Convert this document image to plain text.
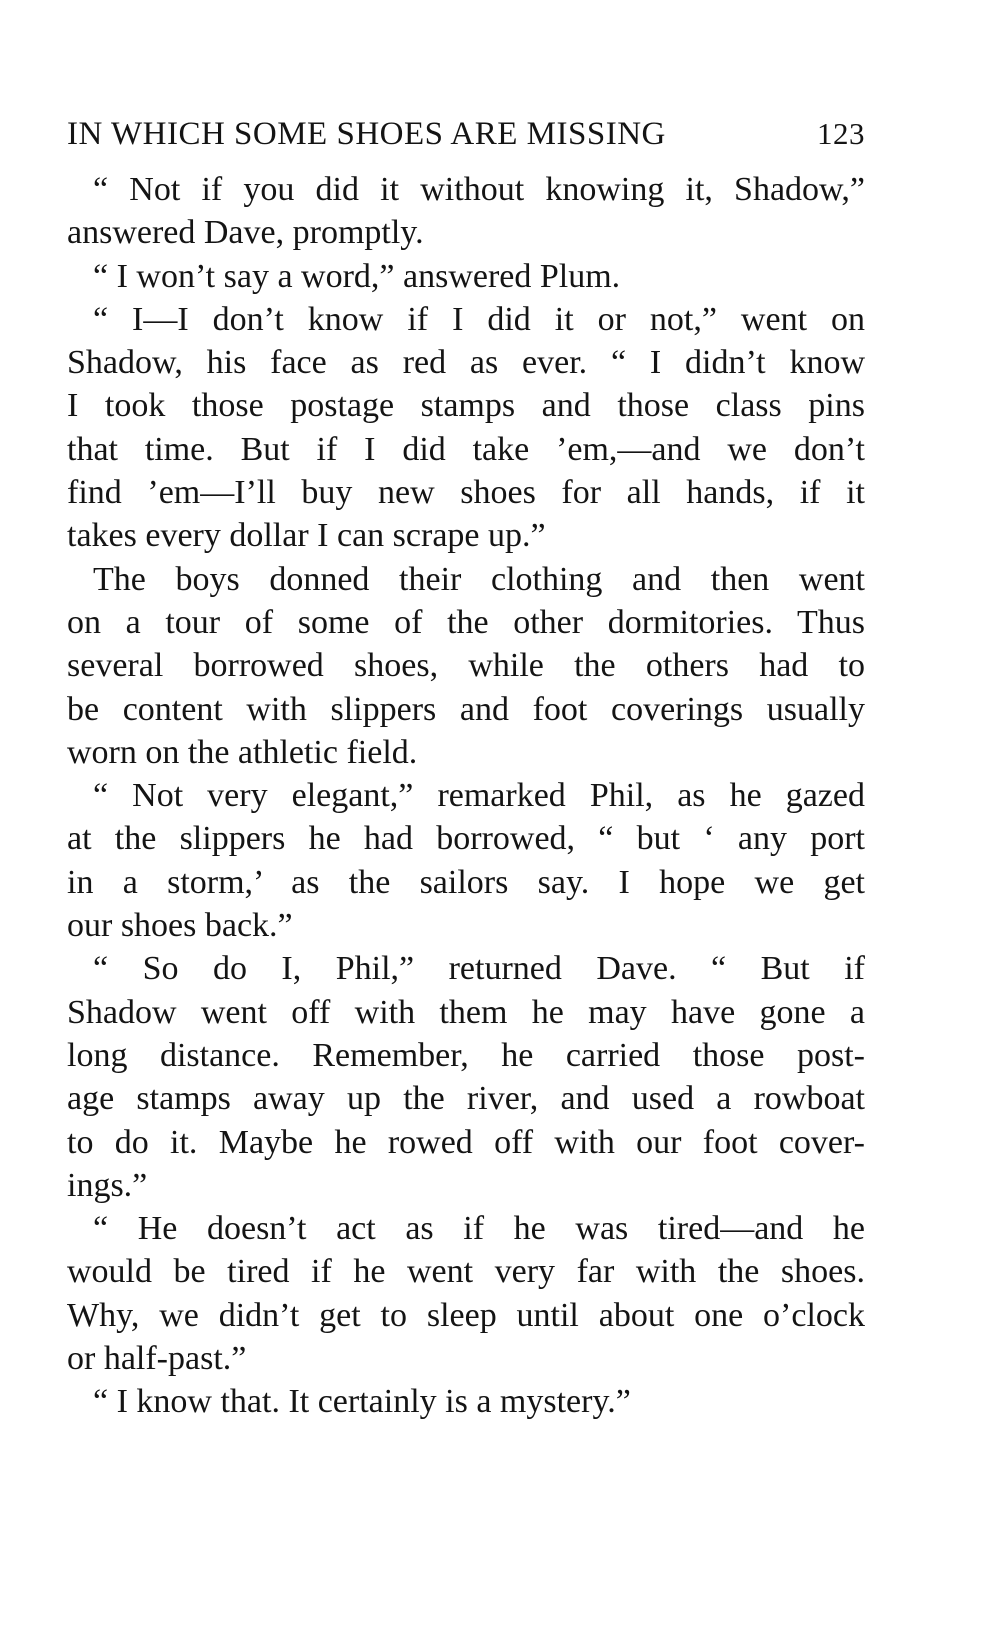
IN WHICH SOME SHOES ARE MISSING	123
“ Not if you did it without knowing it, Shadow,”
answered Dave, promptly.
“ I won’t say a word,” answered Plum.
“ I—I don’t know if I did it or not,” went on
Shadow, his face as red as ever. “ I didn’t know
I took those postage stamps and those class pins
that time. But if I did take ’em,—and we don’t
find ’em—I’ll buy new shoes for all hands, if it
takes every dollar I can scrape up.”
The boys donned their clothing and then went
on a tour of some of the other dormitories. Thus
several borrowed shoes, while the others had to
be content with slippers and foot coverings usually
worn on the athletic field.
“ Not very elegant,” remarked Phil, as he gazed
at the slippers he had borrowed, “ but ‘ any port
in a storm,’ as the sailors say. I hope we get
our shoes back.”
“ So do I, Phil,” returned Dave. “ But if
Shadow went off with them he may have gone a
long distance. Remember, he carried those post-
age stamps away up the river, and used a rowboat
to do it. Maybe he rowed off with our foot cover-
ings.”
“ He doesn’t act as if he was tired—and he
would be tired if he went very far with the shoes.
Why, we didn’t get to sleep until about one o’clock
or half-past.”
“ I know that. It certainly is a mystery.”
